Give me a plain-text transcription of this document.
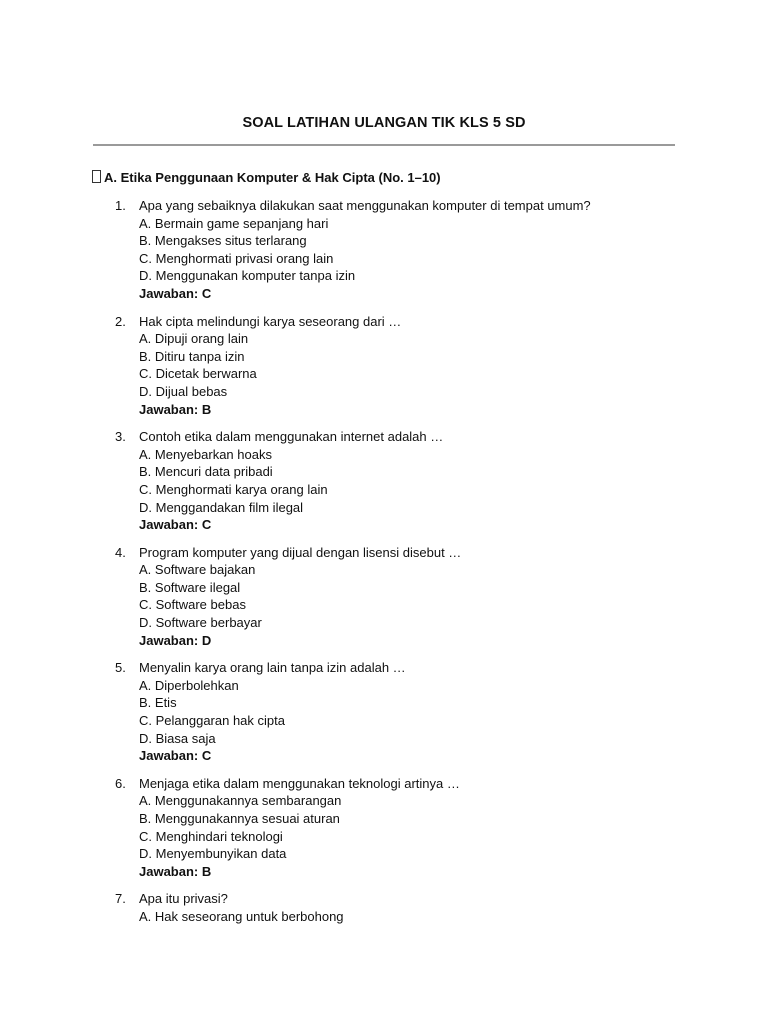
SOAL LATIHAN ULANGAN TIK KLS 5 SD
A. Etika Penggunaan Komputer & Hak Cipta (No. 1–10)
1. Apa yang sebaiknya dilakukan saat menggunakan komputer di tempat umum?
A. Bermain game sepanjang hari
B. Mengakses situs terlarang
C. Menghormati privasi orang lain
D. Menggunakan komputer tanpa izin
Jawaban: C
2. Hak cipta melindungi karya seseorang dari …
A. Dipuji orang lain
B. Ditiru tanpa izin
C. Dicetak berwarna
D. Dijual bebas
Jawaban: B
3. Contoh etika dalam menggunakan internet adalah …
A. Menyebarkan hoaks
B. Mencuri data pribadi
C. Menghormati karya orang lain
D. Menggandakan film ilegal
Jawaban: C
4. Program komputer yang dijual dengan lisensi disebut …
A. Software bajakan
B. Software ilegal
C. Software bebas
D. Software berbayar
Jawaban: D
5. Menyalin karya orang lain tanpa izin adalah …
A. Diperbolehkan
B. Etis
C. Pelanggaran hak cipta
D. Biasa saja
Jawaban: C
6. Menjaga etika dalam menggunakan teknologi artinya …
A. Menggunakannya sembarangan
B. Menggunakannya sesuai aturan
C. Menghindari teknologi
D. Menyembunyikan data
Jawaban: B
7. Apa itu privasi?
A. Hak seseorang untuk berbohong
